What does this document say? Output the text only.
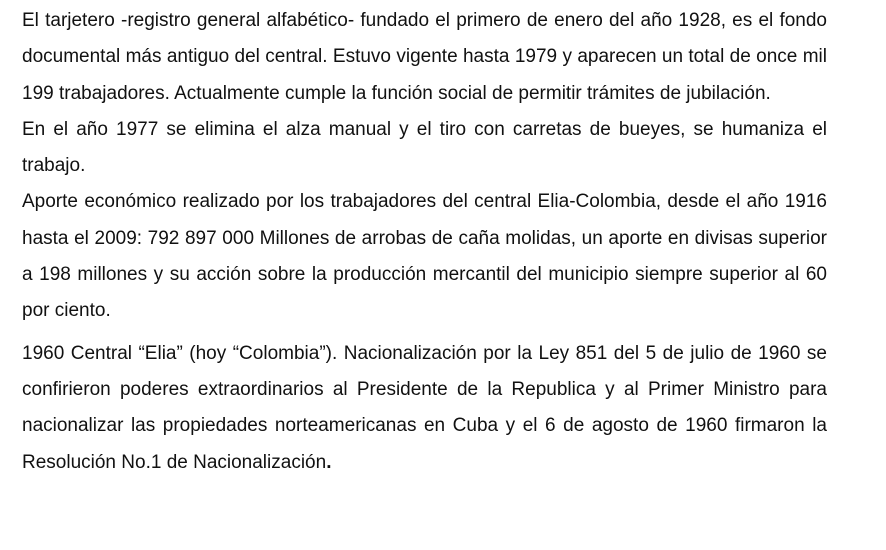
El tarjetero -registro general alfabético- fundado el primero de enero del año 1928, es el fondo documental más antiguo del central. Estuvo vigente hasta 1979 y aparecen un total de once mil 199 trabajadores. Actualmente cumple la función social de permitir trámites de jubilación.

En el año 1977 se elimina el alza manual y el tiro con carretas de bueyes, se humaniza el trabajo.

Aporte económico realizado por los trabajadores del central Elia-Colombia, desde el año 1916 hasta el 2009: 792 897 000 Millones de arrobas de caña molidas, un aporte en divisas superior a 198 millones y su acción sobre la producción mercantil del municipio siempre superior al 60 por ciento.

1960 Central “Elia” (hoy “Colombia”). Nacionalización por la Ley 851 del 5 de julio de 1960 se confirieron poderes extraordinarios al Presidente de la Republica y al Primer Ministro para nacionalizar las propiedades norteamericanas en Cuba y el 6 de agosto de 1960 firmaron la Resolución No.1 de Nacionalización.
